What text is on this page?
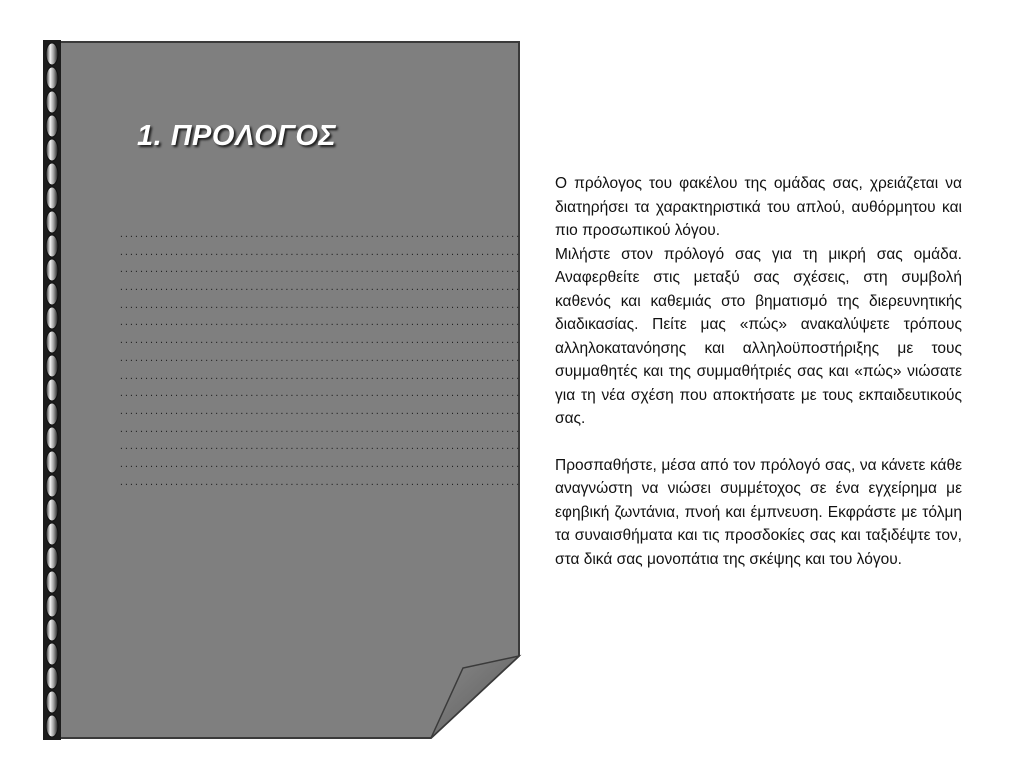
1. ΠΡΟΛΟΓΟΣ
................................................................................
................................................................................
................................................................................
................................................................................
................................................................................
................................................................................
................................................................................
................................................................................
................................................................................
................................................................................
................................................................................
................................................................................
................................................................................
................................................................................
................................................................................

Ο πρόλογος του φακέλου της ομάδας σας, χρειάζεται να διατηρήσει τα χαρακτηριστικά του απλού, αυθόρμητου και πιο προσωπικού λόγου.

Μιλήστε στον πρόλογό σας για τη μικρή σας ομάδα. Αναφερθείτε στις μεταξύ σας σχέσεις, στη συμβολή καθενός και καθεμιάς στο βηματισμό της διερευνητικής διαδικασίας. Πείτε μας «πώς» ανακαλύψετε τρόπους αλληλοκατανόησης και αλληλοϋποστήριξης με τους συμμαθητές και της συμμαθήτριές σας και «πώς» νιώσατε για τη νέα σχέση που αποκτήσατε με τους εκπαιδευτικούς σας.

Προσπαθήστε, μέσα από τον πρόλογό σας, να κάνετε κάθε αναγνώστη να νιώσει συμμέτοχος σε ένα εγχείρημα με εφηβική ζωντάνια, πνοή και έμπνευση. Εκφράστε με τόλμη τα συναισθήματα και τις προσδοκίες σας και ταξιδέψτε τον, στα δικά σας μονοπάτια της σκέψης και του λόγου.
